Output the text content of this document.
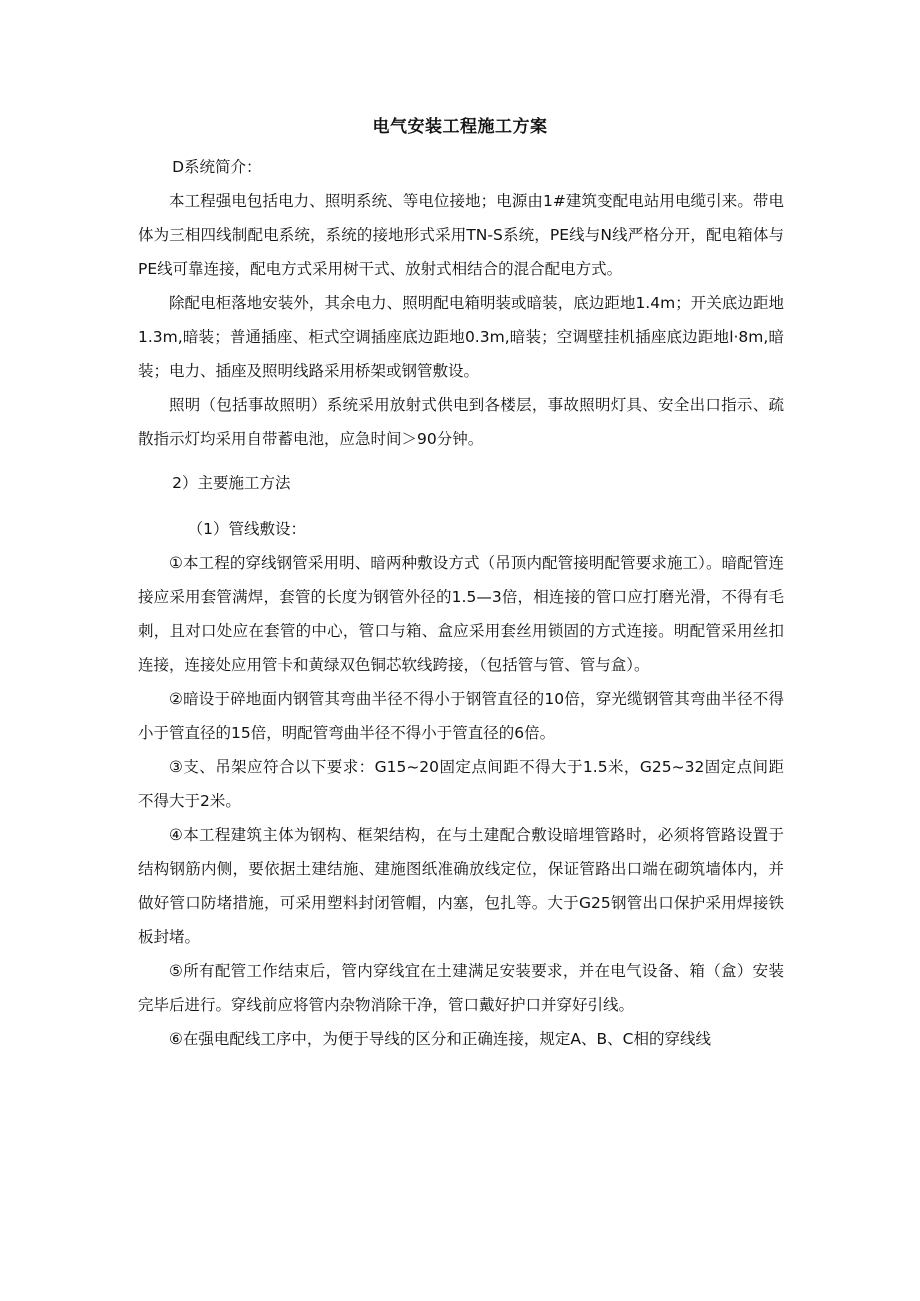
电气安装工程施工方案

D系统简介：

本工程强电包括电力、照明系统、等电位接地；电源由1#建筑变配电站用电缆引来。带电体为三相四线制配电系统，系统的接地形式采用TN-S系统，PE线与N线严格分开，配电箱体与PE线可靠连接，配电方式采用树干式、放射式相结合的混合配电方式。

除配电柜落地安装外，其余电力、照明配电箱明装或暗装，底边距地1.4m；开关底边距地1.3m,暗装；普通插座、柜式空调插座底边距地0.3m,暗装；空调壁挂机插座底边距地l·8m,暗装；电力、插座及照明线路采用桥架或钢管敷设。

照明（包括事故照明）系统采用放射式供电到各楼层，事故照明灯具、安全出口指示、疏散指示灯均采用自带蓄电池，应急时间＞90分钟。

2）主要施工方法

（1）管线敷设：

①本工程的穿线钢管采用明、暗两种敷设方式（吊顶内配管接明配管要求施工）。暗配管连接应采用套管满焊，套管的长度为钢管外径的1.5—3倍，相连接的管口应打磨光滑，不得有毛刺，且对口处应在套管的中心，管口与箱、盒应采用套丝用锁固的方式连接。明配管采用丝扣连接，连接处应用管卡和黄绿双色铜芯软线跨接，（包括管与管、管与盒）。

②暗设于碎地面内钢管其弯曲半径不得小于钢管直径的10倍，穿光缆钢管其弯曲半径不得小于管直径的15倍，明配管弯曲半径不得小于管直径的6倍。

③支、吊架应符合以下要求：G15~20固定点间距不得大于1.5米，G25~32固定点间距不得大于2米。

④本工程建筑主体为钢构、框架结构，在与土建配合敷设暗埋管路时，必须将管路设置于结构钢筋内侧，要依据土建结施、建施图纸准确放线定位，保证管路出口端在砌筑墙体内，并做好管口防堵措施，可采用塑料封闭管帽，内塞，包扎等。大于G25钢管出口保护采用焊接铁板封堵。

⑤所有配管工作结束后，管内穿线宜在土建满足安装要求，并在电气设备、箱（盒）安装完毕后进行。穿线前应将管内杂物消除干净，管口戴好护口并穿好引线。

⑥在强电配线工序中，为便于导线的区分和正确连接，规定A、B、C相的穿线线
